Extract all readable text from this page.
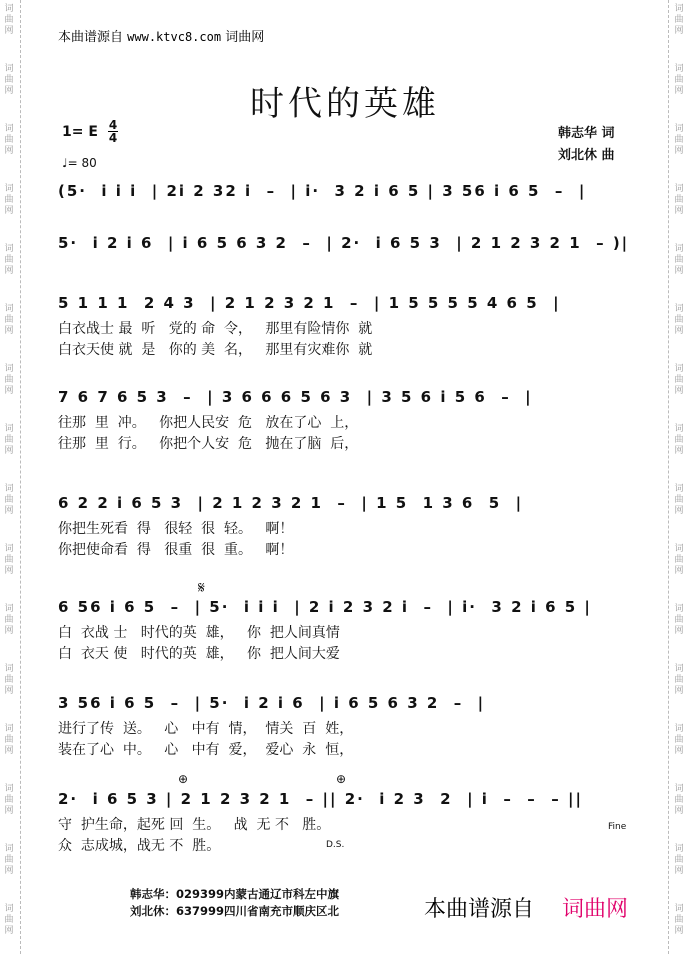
词
曲
网
词
曲
网
词
曲
网
词
曲
网
词
曲
网
词
曲
网
词
曲
网
词
曲
网
词
曲
网
词
曲
网
词
曲
网
词
曲
网
词
曲
网
词
曲
网
词
曲
网
词
曲
网
词
曲
网
词
曲
网
词
曲
网
词
曲
网
词
曲
网
词
曲
网
词
曲
网
词
曲
网
词
曲
网
词
曲
网
词
曲
网
词
曲
网
词
曲
网
词
曲
网
词
曲
网
词
曲
网
本曲谱源自 www.ktvc8.com 词曲网
时代的英雄
1= E $\frac{4}{4}$
♩= 80
韩志华 词
刘北休 曲
(5·  i i i  | 2i 2 32 i  –  | i·  3 2 i 6 5 | 3 56 i 6 5  –  |
5·  i 2 i 6  | i 6 5 6 3 2  –  | 2·  i 6 5 3  | 2 1 2 3 2 1  – )|
5 1 1 1  2 4 3  | 2 1 2 3 2 1  –  | 1 5 5 5 5 4 6 5  |
白衣战士 最  听   党的 命  令，   那里有险情你  就
白衣天使 就  是   你的 美  名，   那里有灾难你  就
7 6 7 6 5 3  –  | 3 6 6 6 5 6 3  | 3 5 6 i 5 6  –  |
往那  里  冲。   你把人民安  危   放在了心  上，
往那  里  行。   你把个人安  危   抛在了脑  后，
6 2 2 i 6 5 3  | 2 1 2 3 2 1  –  | 1 5  1 3 6  5  |
你把生死看  得   很轻  很  轻。   啊！
你把使命看  得   很重  很  重。   啊！
6 56 i 6 5  –  | 5·  i i i  | 2 i 2 3 2 i  –  | i·  3 2 i 6 5 |
白  衣战 士   时代的英  雄，   你  把人间真情
白  衣天 使   时代的英  雄，   你  把人间大爱
3 56 i 6 5  –  | 5·  i 2 i 6  | i 6 5 6 3 2  –  |
进行了传  送。   心   中有  情，  情关  百  姓，
装在了心  中。   心   中有  爱，  爱心  永  恒，
2·  i 6 5 3 | 2 1 2 3 2 1  – || 2·  i 2 3  2  | i  –  –  – ||
守  护生命，起死 回  生。   战  无 不   胜。
众  志成城，战无 不  胜。
𝄋
⊕	⊕
Fine
D.S.
韩志华：029399内蒙古通辽市科左中旗
刘北休：637999四川省南充市顺庆区北	本曲谱源自 词曲网
